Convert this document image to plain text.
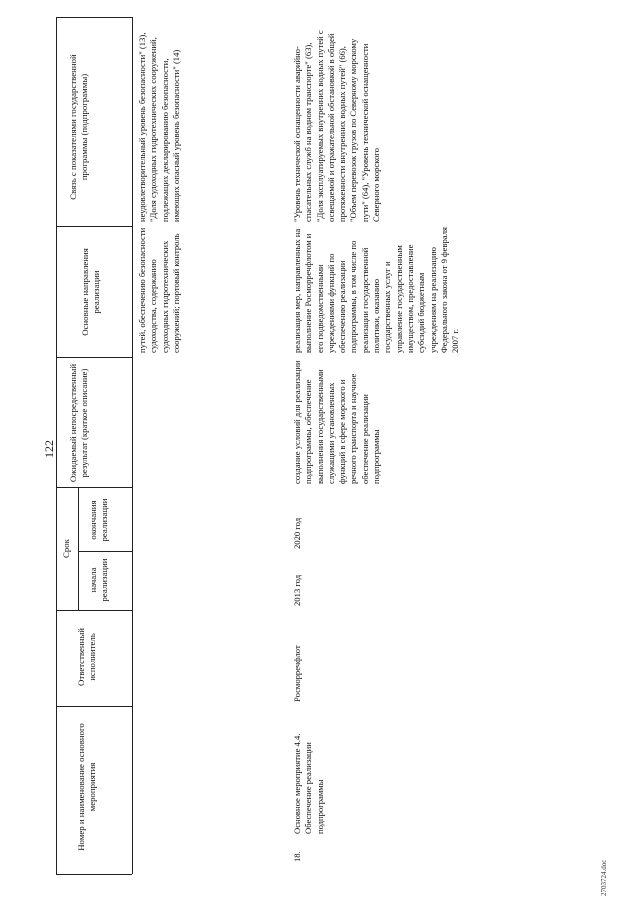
122
2703724.doc
Номер и наименование основного мероприятия
Ответственный исполнитель
Срок
начала реализации
окончания реализации
Ожидаемый непосредственный результат (краткое описание)
Основные направления реализации
Связь с показателями государственной программы (подпрограммы)
путей, обеспечению безопасности судоходства, содержанию судоходных гидротехнических сооружений; портовый контроль
неудовлетворительный уровень безопасности" (13), "Доля судоходных гидротехнических сооружений, подлежащих декларированию безопасности, имеющих опасный уровень безопасности" (14)
18.
Основное мероприятие 4.4. Обеспечение реализации подпрограммы
Росморречфлот
2013 год
2020 год
создание условий для реализации подпрограммы, обеспечение выполнения государственными служащими установленных функций в сфере морского и речного транспорта и научное обеспечение реализации подпрограммы
реализация мер, направленных на выполнение Росморречфлотом и его подведомственными учреждениями функций по обеспечению реализации подпрограммы, в том числе по реализации государственной политики, оказанию государственных услуг и управление государственным имуществом, предоставление субсидий бюджетным учреждениям на реализацию Федерального закона от 9 февраля 2007 г.
"Уровень технической оснащенности аварийно-спасательных служб на водном транспорте" (63), "Доля эксплуатируемых внутренних водных путей с освещаемой и отражательной обстановкой в общей протяженности внутренних водных путей" (66), "Объем перевозок грузов по Северному морскому пути" (64), "Уровень технической оснащенности Северного морского
